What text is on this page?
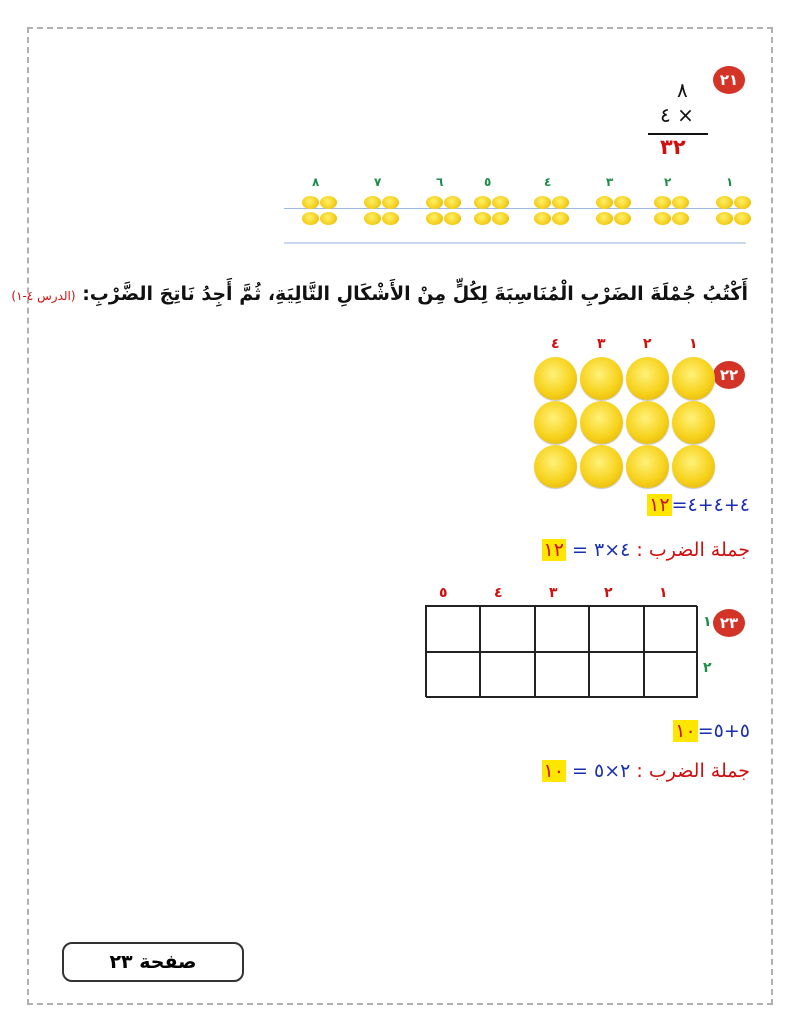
٢١
٨
٤ ×
٣٢
١
٢
٣
٤
٥
٦
٧
٨
أَكْتُبُ جُمْلَةَ الضَرْبِ الْمُنَاسِبَةَ لِكُلٍّ مِنْ الأَشْكَالِ التَّالِيَةِ، ثُمَّ أَجِدُ نَاتِجَ الضَّرْبِ: (الدرس ٤-١)
٢٢
١
٢
٣
٤
٤+٤+٤=١٢
جملة الضرب : ٤×٣ = ١٢
٢٣
١
٢
٣
٤
٥
١
٢
٥+٥=١٠
جملة الضرب : ٢×٥ = ١٠
صفحة ٢٣
